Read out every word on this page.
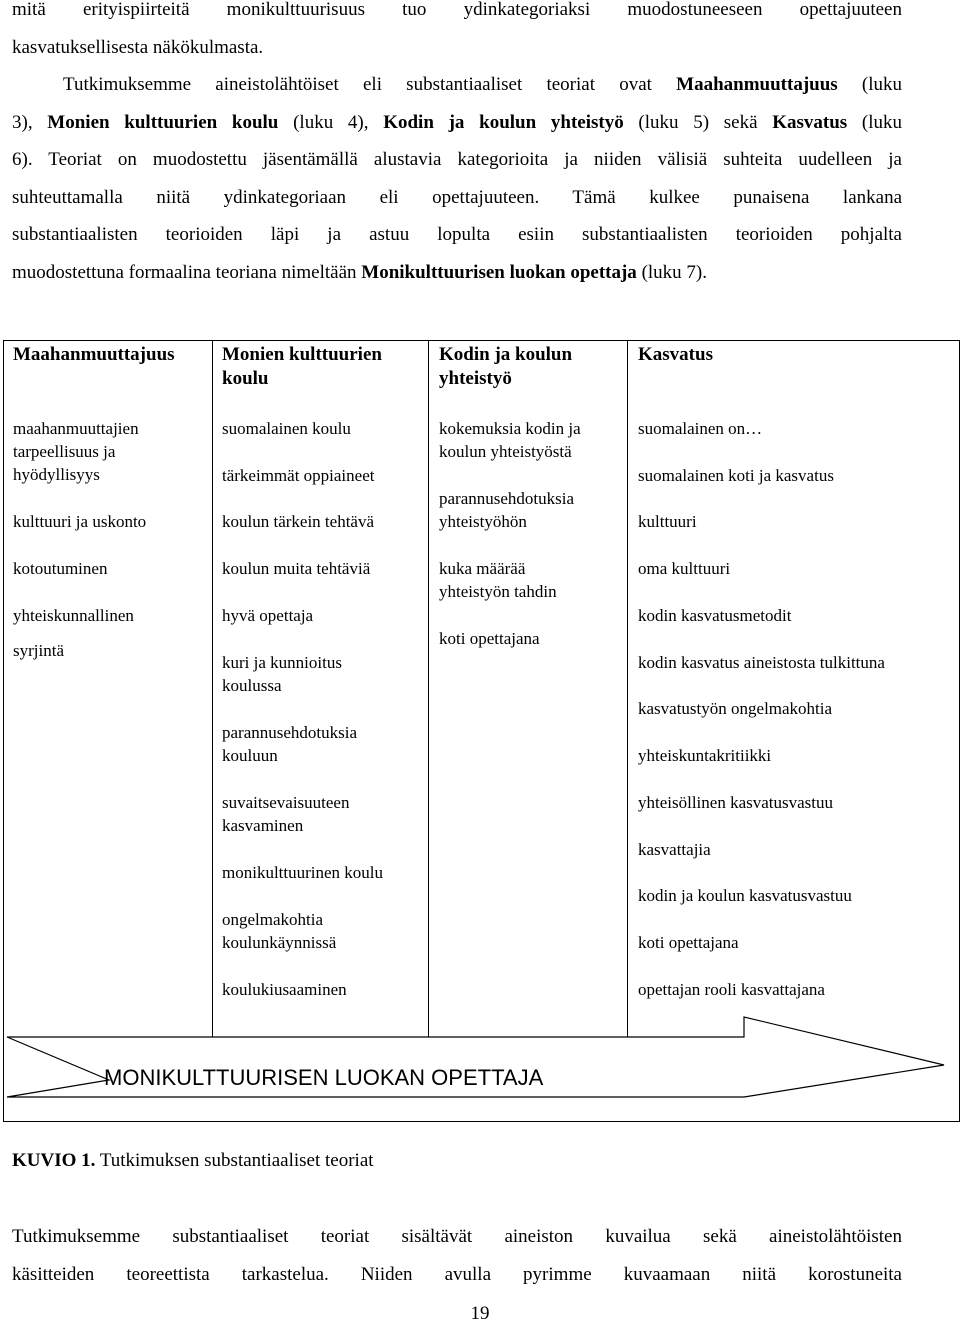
mitä erityispiirteitä monikulttuurisuus tuo ydinkategoriaksi muodostuneeseen opettajuuteen
kasvatuksellisesta näkökulmasta.
Tutkimuksemme aineistolähtöiset eli substantiaaliset teoriat ovat Maahanmuuttajuus (luku
3), Monien kulttuurien koulu (luku 4), Kodin ja koulun yhteistyö (luku 5) sekä Kasvatus (luku
6). Teoriat on muodostettu jäsentämällä alustavia kategorioita ja niiden välisiä suhteita uudelleen ja
suhteuttamalla niitä ydinkategoriaan eli opettajuuteen. Tämä kulkee punaisena lankana
substantiaalisten teorioiden läpi ja astuu lopulta esiin substantiaalisten teorioiden pohjalta
muodostettuna formaalina teoriana nimeltään Monikulttuurisen luokan opettaja (luku 7).
Maahanmuuttajuus Monien kulttuurien
koulu
Kodin ja koulun
yhteistyö
Kasvatus
maahanmuuttajien
tarpeellisuus ja
hyödyllisyys
kulttuuri ja uskonto
kotoutuminen
yhteiskunnallinen
syrjintä
suomalainen koulu
tärkeimmät oppiaineet
koulun tärkein tehtävä
koulun muita tehtäviä
hyvä opettaja
kuri ja kunnioitus
koulussa
parannusehdotuksia
kouluun
suvaitsevaisuuteen
kasvaminen
monikulttuurinen koulu
ongelmakohtia
koulunkäynnissä
koulukiusaaminen
kokemuksia kodin ja
koulun yhteistyöstä
parannusehdotuksia
yhteistyöhön
kuka määrää
yhteistyön tahdin
koti opettajana
suomalainen on…
suomalainen koti ja kasvatus
kulttuuri
oma kulttuuri
kodin kasvatusmetodit
kodin kasvatus aineistosta tulkittuna
kasvatustyön ongelmakohtia
yhteiskuntakritiikki
yhteisöllinen kasvatusvastuu
kasvattajia
kodin ja koulun kasvatusvastuu
koti opettajana
opettajan rooli kasvattajana
MONIKULTTUURISEN LUOKAN OPETTAJA
KUVIO 1. Tutkimuksen substantiaaliset teoriat
Tutkimuksemme substantiaaliset teoriat sisältävät aineiston kuvailua sekä aineistolähtöisten
käsitteiden teoreettista tarkastelua. Niiden avulla pyrimme kuvaamaan niitä korostuneita
19
